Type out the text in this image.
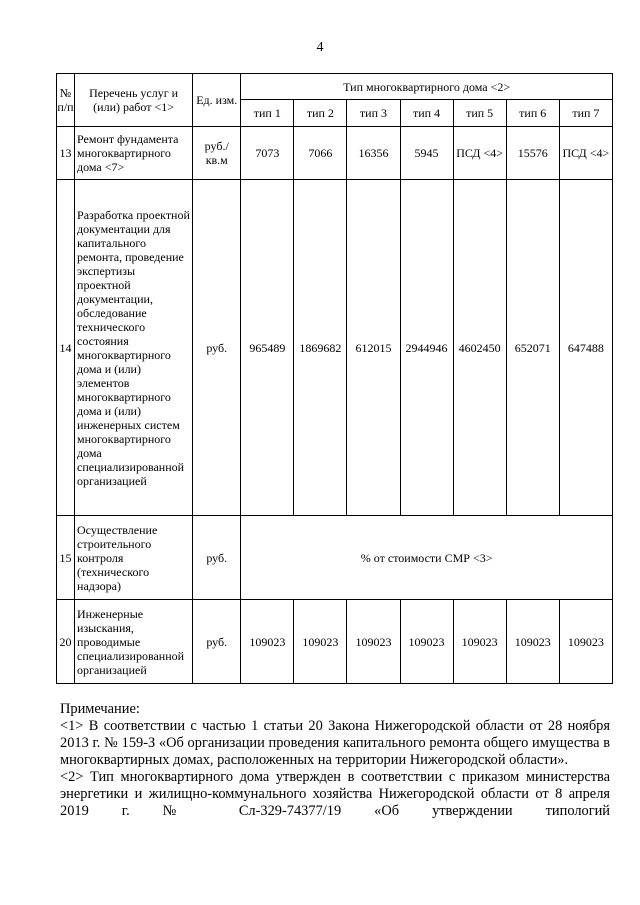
4
№ п/п	Перечень услуг и (или) работ <1>	Ед. изм.	Тип многоквартирного дома <2>						
			тип 1	тип 2	тип 3	тип 4	тип 5	тип 6	тип 7
13	Ремонт фундамента многоквартирного дома <7>	руб./ кв.м	7073	7066	16356	5945	ПСД <4>	15576	ПСД <4>
14	Разработка проектной документации для капитального ремонта, проведение экспертизы проектной документации, обследование технического состояния многоквартирного дома и (или) элементов многоквартирного дома и (или) инженерных систем многоквартирного дома специализированной организацией	руб.	965489	1869682	612015	2944946	4602450	652071	647488
15	Осуществление строительного контроля (технического надзора)	руб.	% от стоимости СМР <3>						
20	Инженерные изыскания, проводимые специализированной организацией	руб.	109023	109023	109023	109023	109023	109023	109023

Примечание:

<1> В соответствии с частью 1 статьи 20 Закона Нижегородской области от 28 ноября 2013 г. № 159-З «Об организации проведения капитального ремонта общего имущества в многоквартирных домах, расположенных на территории Нижегородской области».

<2> Тип многоквартирного дома утвержден в соответствии с приказом министерства энергетики и жилищно-коммунального хозяйства Нижегородской области от 8 апреля 2019 г. № Сл-329-74377/19 «Об утверждении типологий
